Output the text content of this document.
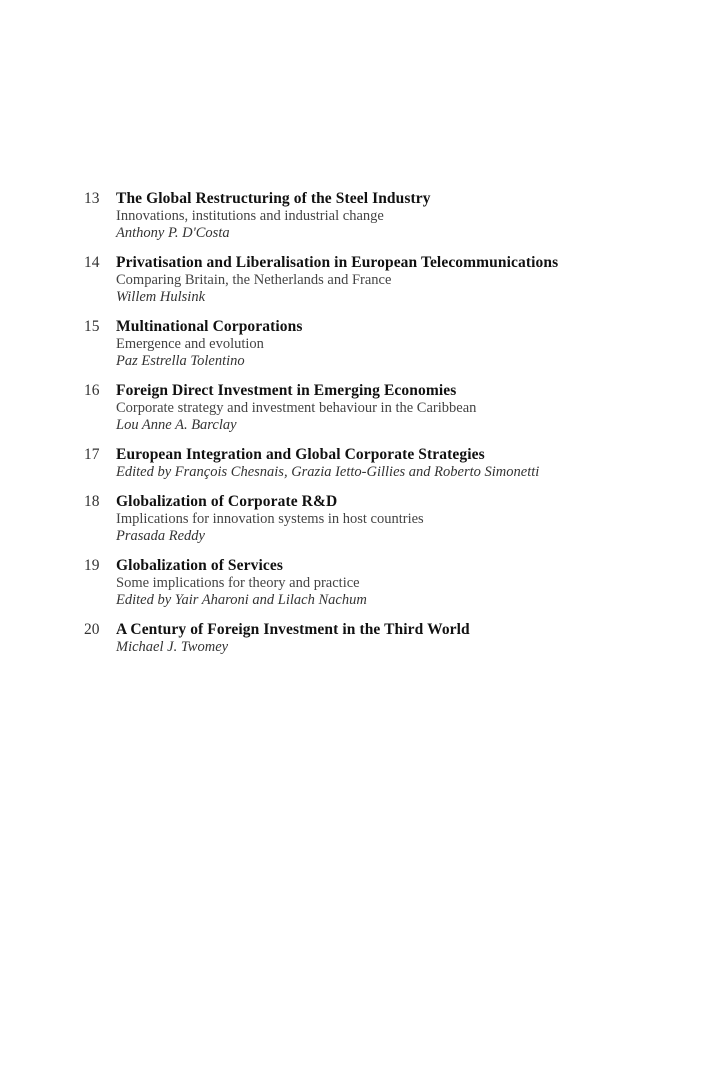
13	The Global Restructuring of the Steel Industry
Innovations, institutions and industrial change
Anthony P. D'Costa
14	Privatisation and Liberalisation in European Telecommunications
Comparing Britain, the Netherlands and France
Willem Hulsink
15	Multinational Corporations
Emergence and evolution
Paz Estrella Tolentino
16	Foreign Direct Investment in Emerging Economies
Corporate strategy and investment behaviour in the Caribbean
Lou Anne A. Barclay
17	European Integration and Global Corporate Strategies
Edited by François Chesnais, Grazia Ietto-Gillies and Roberto Simonetti
18	Globalization of Corporate R&D
Implications for innovation systems in host countries
Prasada Reddy
19	Globalization of Services
Some implications for theory and practice
Edited by Yair Aharoni and Lilach Nachum
20	A Century of Foreign Investment in the Third World
Michael J. Twomey
